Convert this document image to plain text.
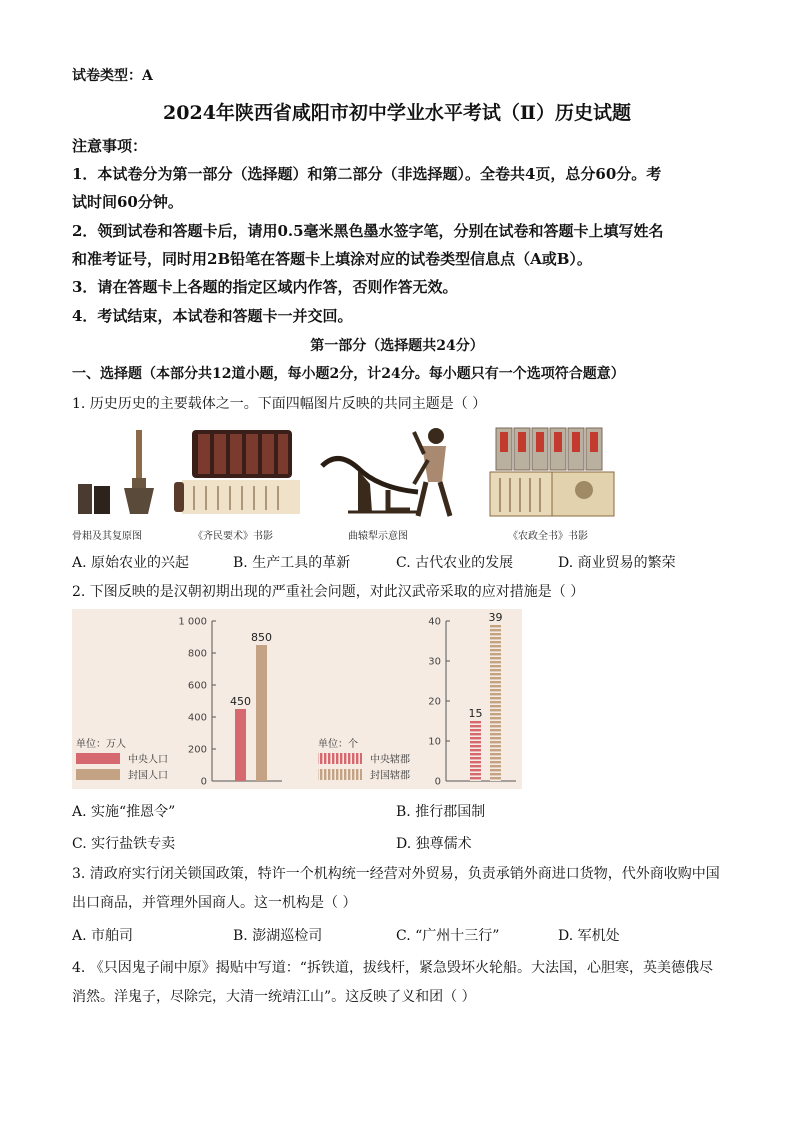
试卷类型：A
2024年陕西省咸阳市初中学业水平考试（Ⅱ）历史试题
注意事项：
1．本试卷分为第一部分（选择题）和第二部分（非选择题）。全卷共4页，总分60分。考
试时间60分钟。
2．领到试卷和答题卡后，请用0.5毫米黑色墨水签字笔，分别在试卷和答题卡上填写姓名
和准考证号，同时用2B铅笔在答题卡上填涂对应的试卷类型信息点（A或B）。
3．请在答题卡上各题的指定区域内作答，否则作答无效。
4．考试结束，本试卷和答题卡一并交回。
第一部分（选择题共24分）
一、选择题（本部分共12道小题，每小题2分，计24分。每小题只有一个选项符合题意）
1. 历史历史的主要载体之一。下面四幅图片反映的共同主题是（ ）
骨耜及其复原图	《齐民要术》书影	曲辕犁示意图	《农政全书》书影
A. 原始农业的兴起	B. 生产工具的革新	C. 古代农业的发展	D. 商业贸易的繁荣
2. 下图反映的是汉朝初期出现的严重社会问题，对此汉武帝采取的应对措施是（ ）
0
200
400
600
800
1 000
450
850
单位：万人
中央人口
封国人口
0
10
20
30
40
15
39
单位：个
中央辖郡
封国辖郡
A. 实施“推恩令”	B. 推行郡国制
C. 实行盐铁专卖	D. 独尊儒术
3. 清政府实行闭关锁国政策，特许一个机构统一经营对外贸易，负责承销外商进口货物，代外商收购中国
出口商品，并管理外国商人。这一机构是（ ）
A. 市舶司	B. 澎湖巡检司	C. “广州十三行”	D. 军机处
4. 《只因鬼子闹中原》揭贴中写道：“拆铁道，拔线杆，紧急毁坏火轮船。大法国，心胆寒，英美德俄尽
消然。洋鬼子，尽除完，大清一统靖江山”。这反映了义和团（ ）
